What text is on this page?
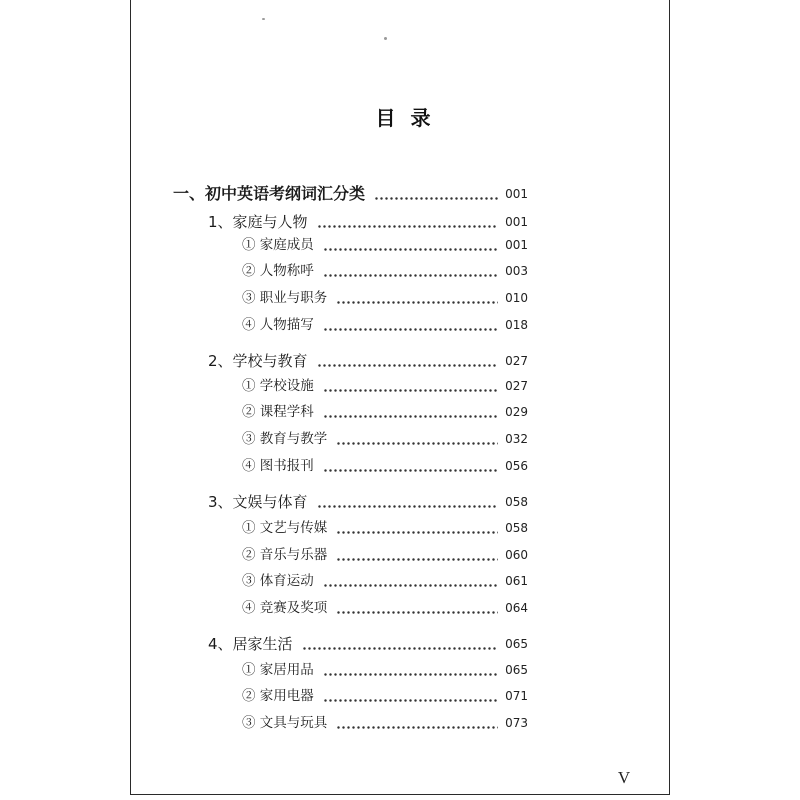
目 录
一、初中英语考纲词汇分类	001
1、家庭与人物	001
① 家庭成员	001
② 人物称呼	003
③ 职业与职务	010
④ 人物描写	018
2、学校与教育	027
① 学校设施	027
② 课程学科	029
③ 教育与教学	032
④ 图书报刊	056
3、文娱与体育	058
① 文艺与传媒	058
② 音乐与乐器	060
③ 体育运动	061
④ 竞赛及奖项	064
4、居家生活	065
① 家居用品	065
② 家用电器	071
③ 文具与玩具	073
V
